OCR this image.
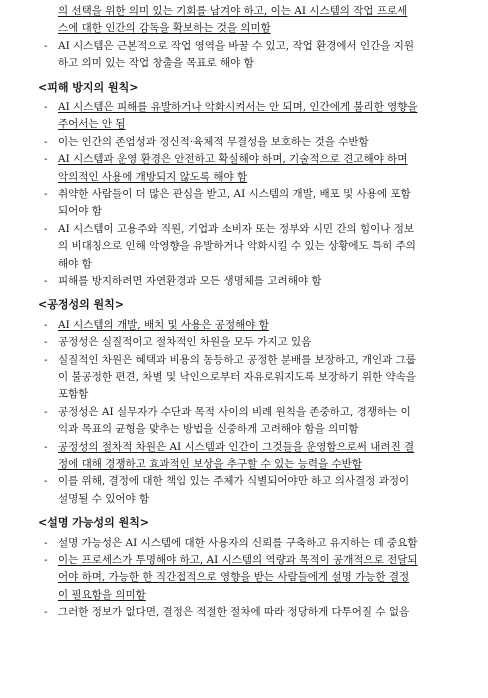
의 선택을 위한 의미 있는 기회를 남겨야 하고, 이는 AI 시스템의 작업 프로세
스에 대한 인간의 감독을 확보하는 것을 의미함
- AI 시스템은 근본적으로 작업 영역을 바꿀 수 있고, 작업 환경에서 인간을 지원
하고 의미 있는 작업 창출을 목표로 해야 함
<피해 방지의 원칙>
- AI 시스템은 피해를 유발하거나 악화시켜서는 안 되며, 인간에게 불리한 영향을
주어서는 안 됨
- 이는 인간의 존엄성과 정신적·육체적 무결성을 보호하는 것을 수반함
- AI 시스템과 운영 환경은 안전하고 확실해야 하며, 기술적으로 견고해야 하며
악의적인 사용에 개방되지 않도록 해야 함
- 취약한 사람들이 더 많은 관심을 받고, AI 시스템의 개발, 배포 및 사용에 포함
되어야 함
- AI 시스템이 고용주와 직원, 기업과 소비자 또는 정부와 시민 간의 힘이나 정보
의 비대칭으로 인해 악영향을 유발하거나 악화시킬 수 있는 상황에도 특히 주의
해야 함
- 피해를 방지하려면 자연환경과 모든 생명체를 고려해야 함
<공정성의 원칙>
- AI 시스템의 개발, 배치 및 사용은 공정해야 함
- 공정성은 실질적이고 절차적인 차원을 모두 가지고 있음
- 실질적인 차원은 혜택과 비용의 동등하고 공정한 분배를 보장하고, 개인과 그룹
이 불공정한 편견, 차별 및 낙인으로부터 자유로워지도록 보장하기 위한 약속을
포함함
- 공정성은 AI 실무자가 수단과 목적 사이의 비례 원칙을 존중하고, 경쟁하는 이
익과 목표의 균형을 맞추는 방법을 신중하게 고려해야 함을 의미함
- 공정성의 절차적 차원은 AI 시스템과 인간이 그것들을 운영함으로써 내려진 결
정에 대해 경쟁하고 효과적인 보상을 추구할 수 있는 능력을 수반함
- 이를 위해, 결정에 대한 책임 있는 주체가 식별되어야만 하고 의사결정 과정이
설명될 수 있어야 함
<설명 가능성의 원칙>
- 설명 가능성은 AI 시스템에 대한 사용자의 신뢰를 구축하고 유지하는 데 중요함
- 이는 프로세스가 투명해야 하고, AI 시스템의 역량과 목적이 공개적으로 전달되
어야 하며, 가능한 한 직간접적으로 영향을 받는 사람들에게 설명 가능한 결정
이 필요함을 의미함
- 그러한 정보가 없다면, 결정은 적절한 절차에 따라 정당하게 다투어질 수 없음
